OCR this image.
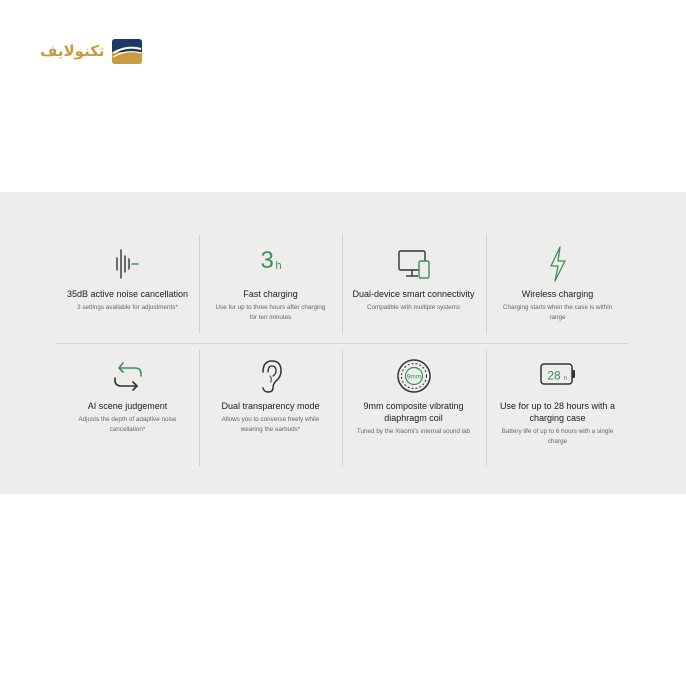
تکنولایف
35dB active noise cancellation
3 settings available for adjustments*
3 h
Fast charging
Use for up to three hours after charging for ten minutes
Dual-device smart connectivity
Compatible with multiple systems
Wireless charging
Charging starts when the case is within range
AI scene judgement
Adjusts the depth of adaptive noise cancellation*
Dual transparency mode
Allows you to converse freely while wearing the earbuds*
9mm
9mm composite vibrating diaphragm coil
Tuned by the Xiaomi's internal sound lab
28 h
Use for up to 28 hours with a charging case
Battery life of up to 6 hours with a single charge
